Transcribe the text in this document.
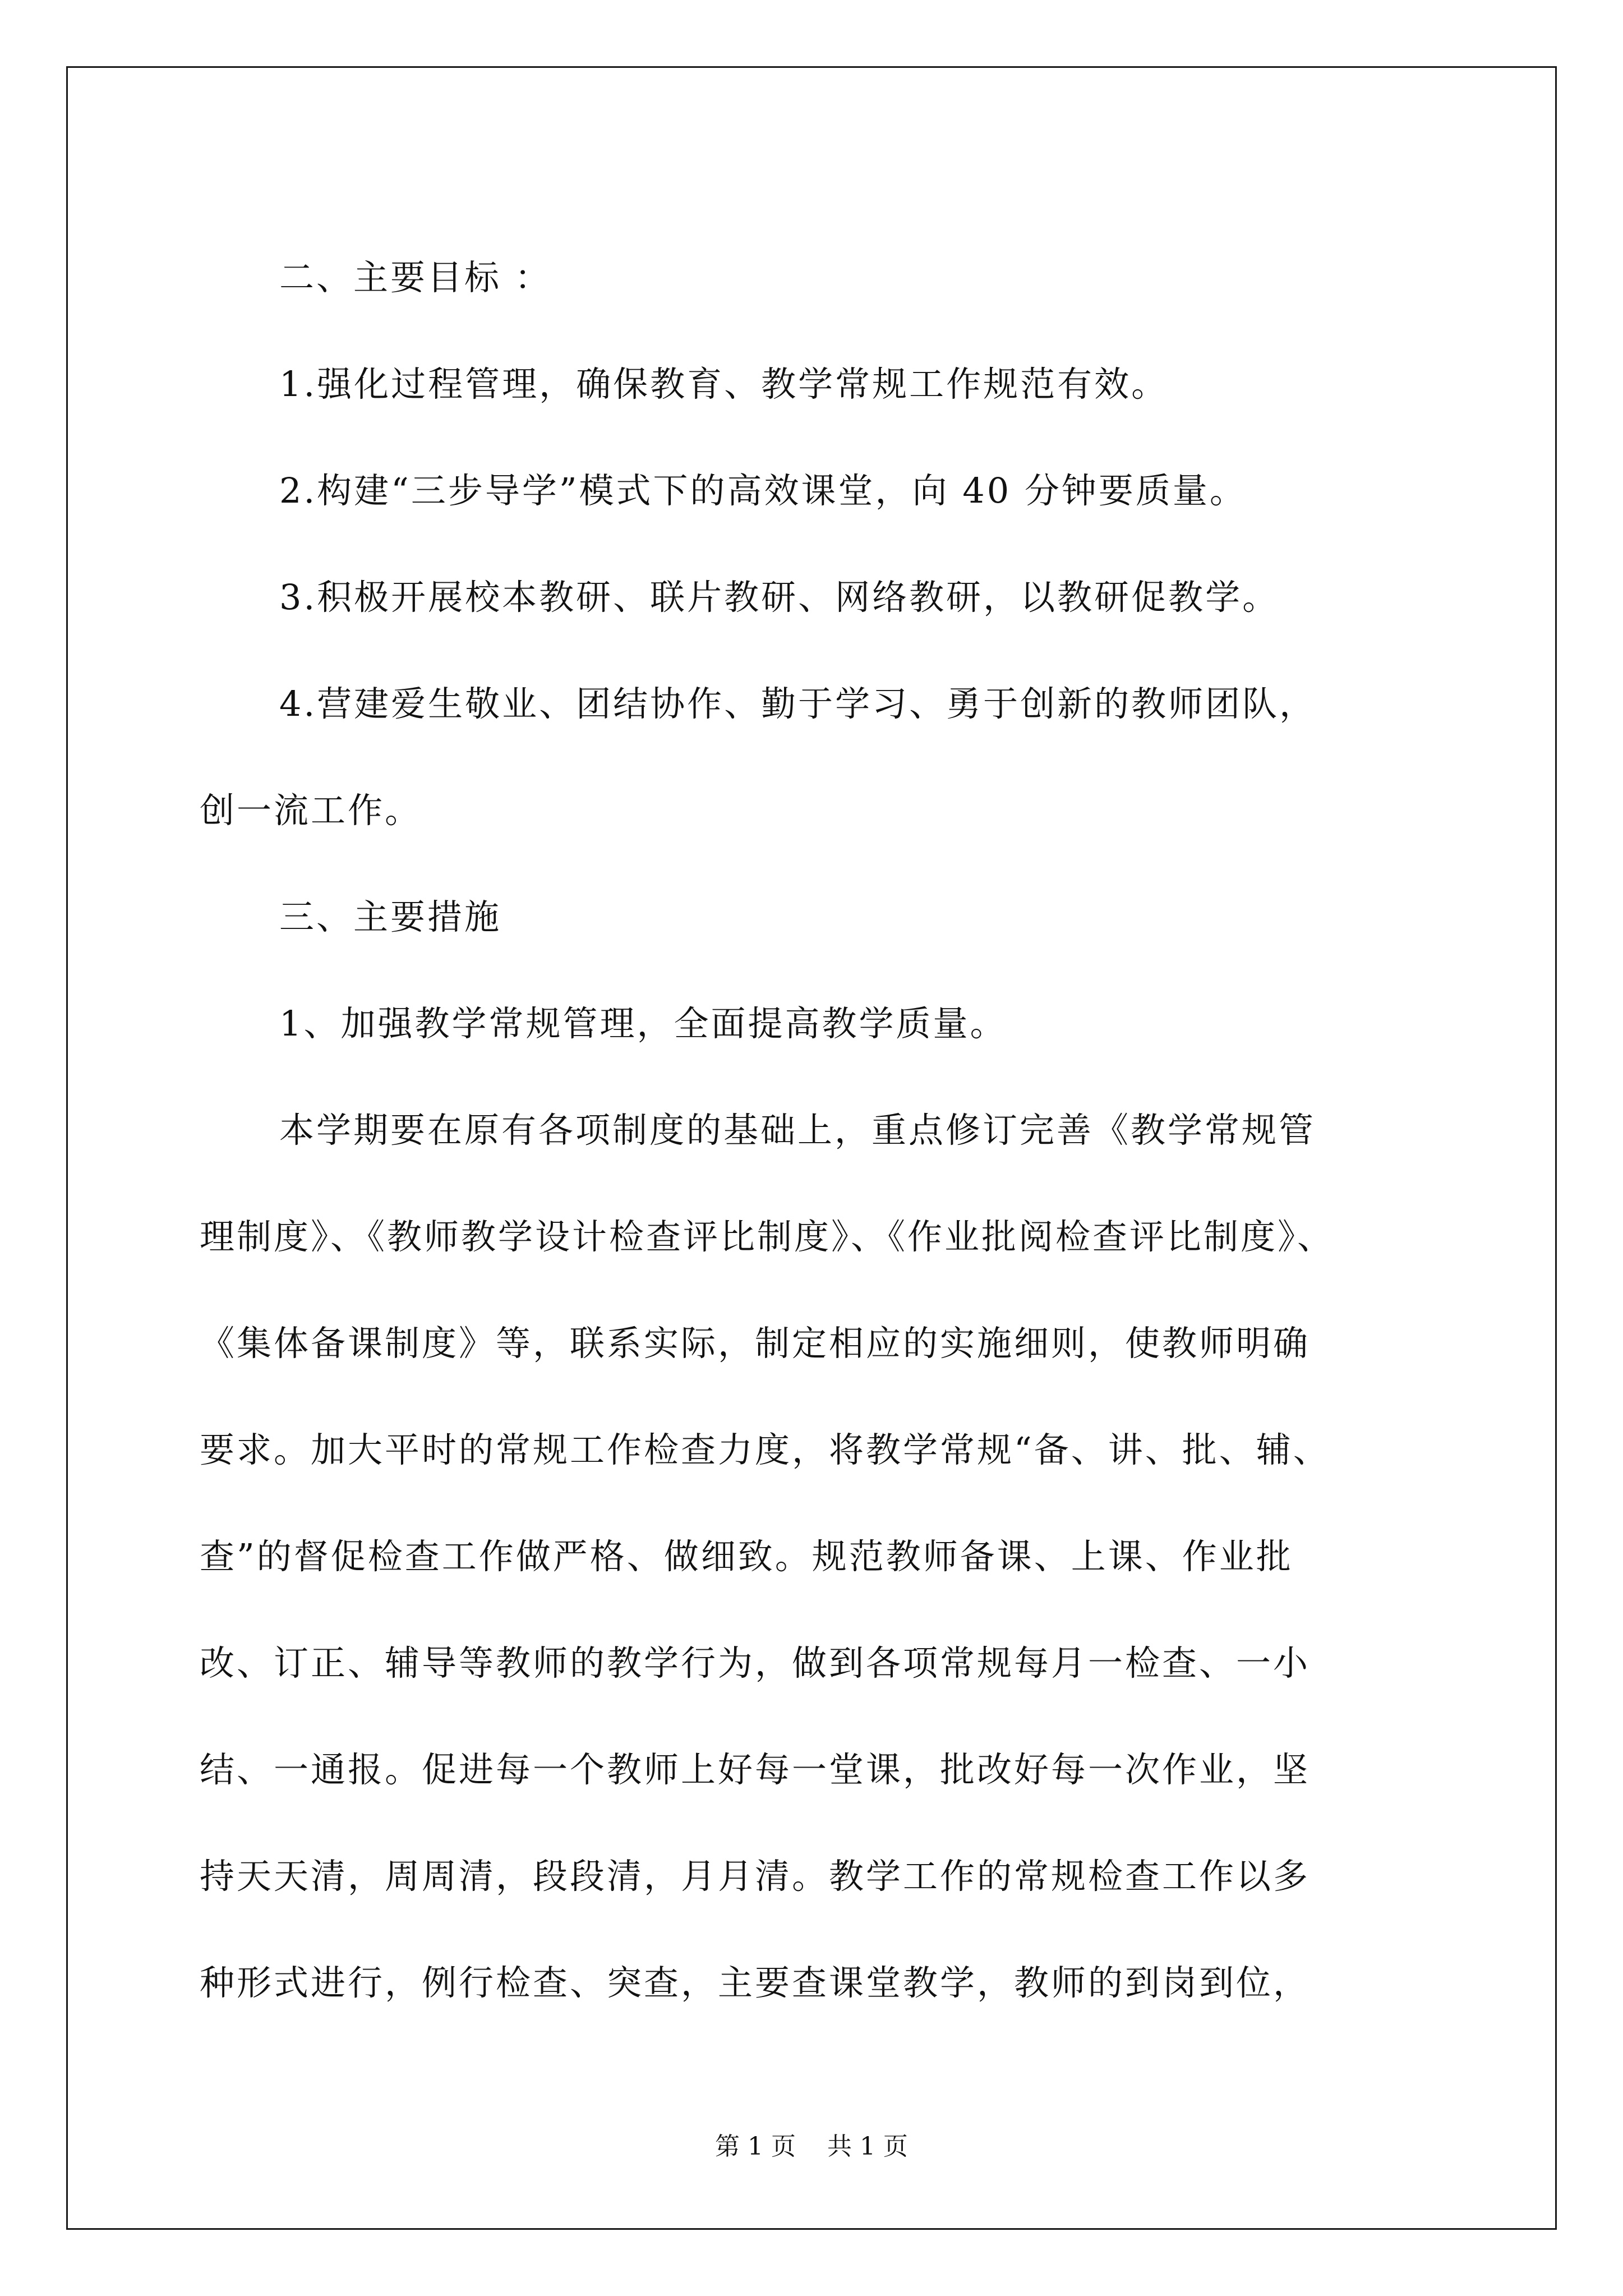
二、主要目标 ：
1.强化过程管理，确保教育、教学常规工作规范有效。
2.构建“三步导学”模式下的高效课堂，向 40 分钟要质量。
3.积极开展校本教研、联片教研、网络教研，以教研促教学。
4.营建爱生敬业、团结协作、勤于学习、勇于创新的教师团队，
创一流工作。
三、主要措施
1、加强教学常规管理，全面提高教学质量。
本学期要在原有各项制度的基础上，重点修订完善《教学常规管
理制度》、《教师教学设计检查评比制度》、《作业批阅检查评比制度》、
《集体备课制度》等，联系实际，制定相应的实施细则，使教师明确
要求。加大平时的常规工作检查力度，将教学常规“备、讲、批、辅、
查”的督促检查工作做严格、做细致。规范教师备课、上课、作业批
改、订正、辅导等教师的教学行为，做到各项常规每月一检查、一小
结、一通报。促进每一个教师上好每一堂课，批改好每一次作业，坚
持天天清，周周清，段段清，月月清。教学工作的常规检查工作以多
种形式进行，例行检查、突查，主要查课堂教学，教师的到岗到位，
第 1 页 共 1 页
